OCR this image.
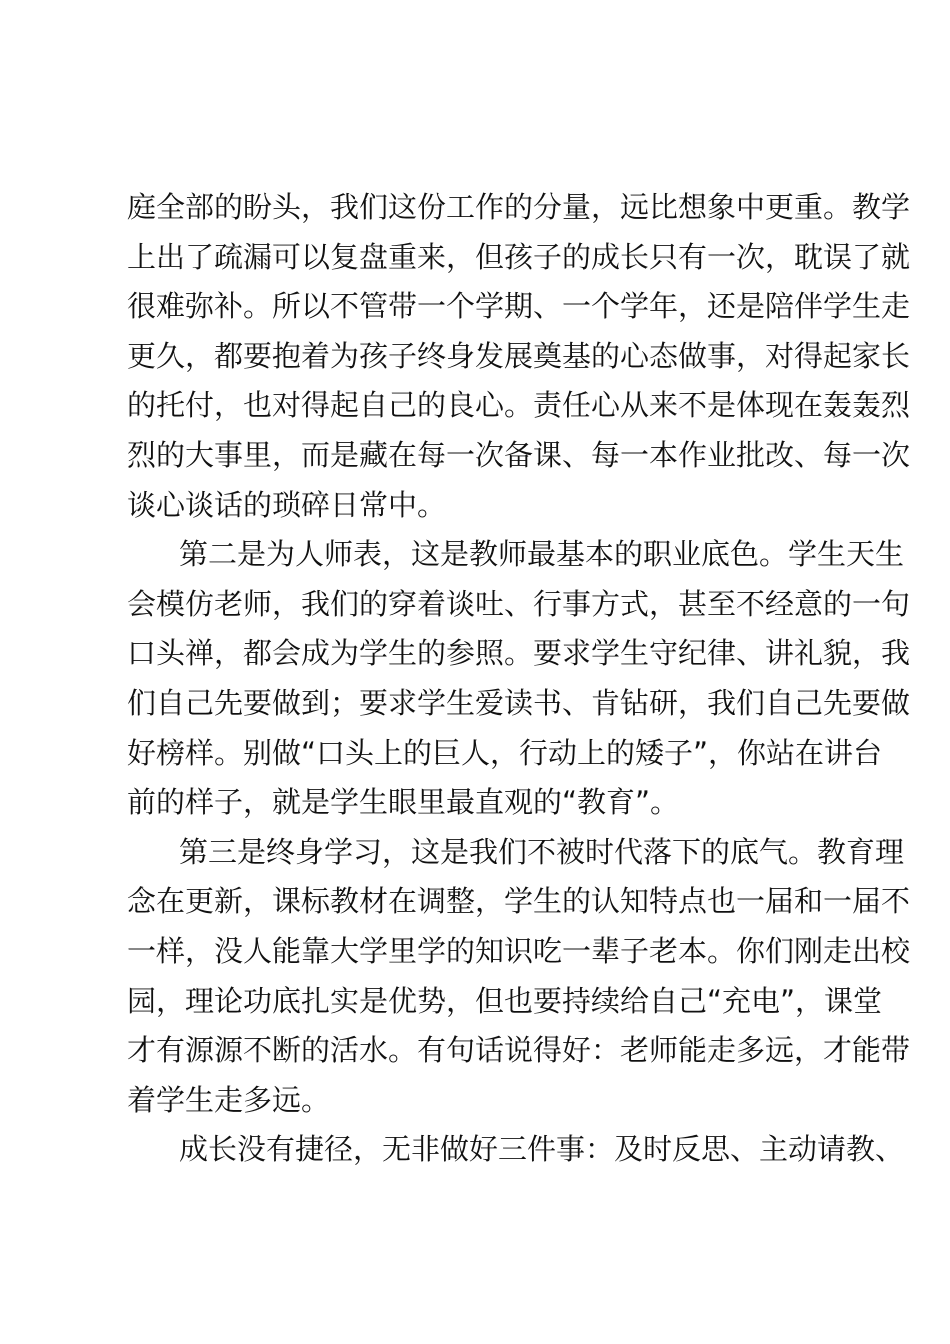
庭全部的盼头，我们这份工作的分量，远比想象中更重。教学
上出了疏漏可以复盘重来，但孩子的成长只有一次，耽误了就
很难弥补。所以不管带一个学期、一个学年，还是陪伴学生走
更久，都要抱着为孩子终身发展奠基的心态做事，对得起家长
的托付，也对得起自己的良心。责任心从来不是体现在轰轰烈
烈的大事里，而是藏在每一次备课、每一本作业批改、每一次
谈心谈话的琐碎日常中。
第二是为人师表，这是教师最基本的职业底色。学生天生
会模仿老师，我们的穿着谈吐、行事方式，甚至不经意的一句
口头禅，都会成为学生的参照。要求学生守纪律、讲礼貌，我
们自己先要做到；要求学生爱读书、肯钻研，我们自己先要做
好榜样。别做“口头上的巨人，行动上的矮子”，你站在讲台
前的样子，就是学生眼里最直观的“教育”。
第三是终身学习，这是我们不被时代落下的底气。教育理
念在更新，课标教材在调整，学生的认知特点也一届和一届不
一样，没人能靠大学里学的知识吃一辈子老本。你们刚走出校
园，理论功底扎实是优势，但也要持续给自己“充电”，课堂
才有源源不断的活水。有句话说得好：老师能走多远，才能带
着学生走多远。
成长没有捷径，无非做好三件事：及时反思、主动请教、
